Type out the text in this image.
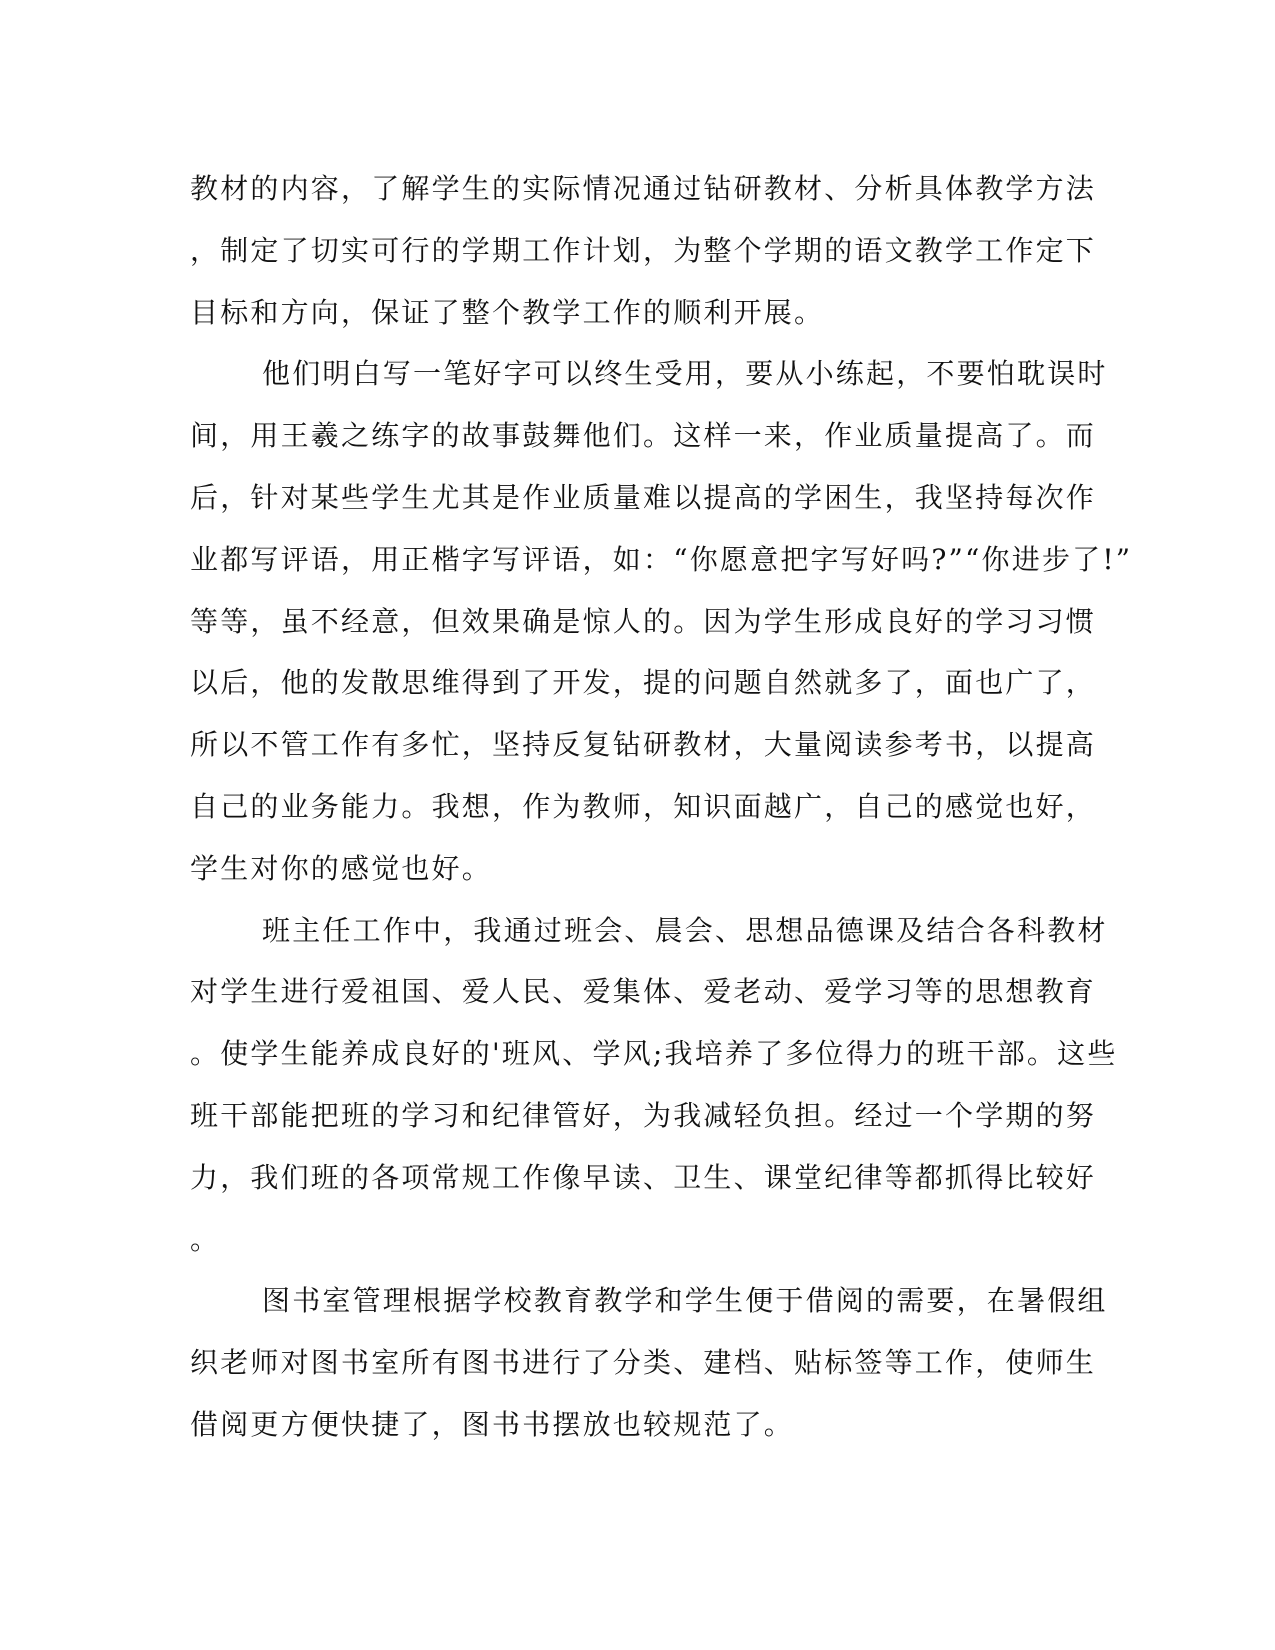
教材的内容，了解学生的实际情况通过钻研教材、分析具体教学方法
，制定了切实可行的学期工作计划，为整个学期的语文教学工作定下
目标和方向，保证了整个教学工作的顺利开展。
他们明白写一笔好字可以终生受用，要从小练起，不要怕耽误时
间，用王羲之练字的故事鼓舞他们。这样一来，作业质量提高了。而
后，针对某些学生尤其是作业质量难以提高的学困生，我坚持每次作
业都写评语，用正楷字写评语，如：“你愿意把字写好吗?”“你进步了!”
等等，虽不经意，但效果确是惊人的。因为学生形成良好的学习习惯
以后，他的发散思维得到了开发，提的问题自然就多了，面也广了，
所以不管工作有多忙，坚持反复钻研教材，大量阅读参考书，以提高
自己的业务能力。我想，作为教师，知识面越广，自己的感觉也好，
学生对你的感觉也好。
班主任工作中，我通过班会、晨会、思想品德课及结合各科教材
对学生进行爱祖国、爱人民、爱集体、爱老动、爱学习等的思想教育
。使学生能养成良好的'班风、学风;我培养了多位得力的班干部。这些
班干部能把班的学习和纪律管好，为我减轻负担。经过一个学期的努
力，我们班的各项常规工作像早读、卫生、课堂纪律等都抓得比较好
。
图书室管理根据学校教育教学和学生便于借阅的需要，在暑假组
织老师对图书室所有图书进行了分类、建档、贴标签等工作，使师生
借阅更方便快捷了，图书书摆放也较规范了。
